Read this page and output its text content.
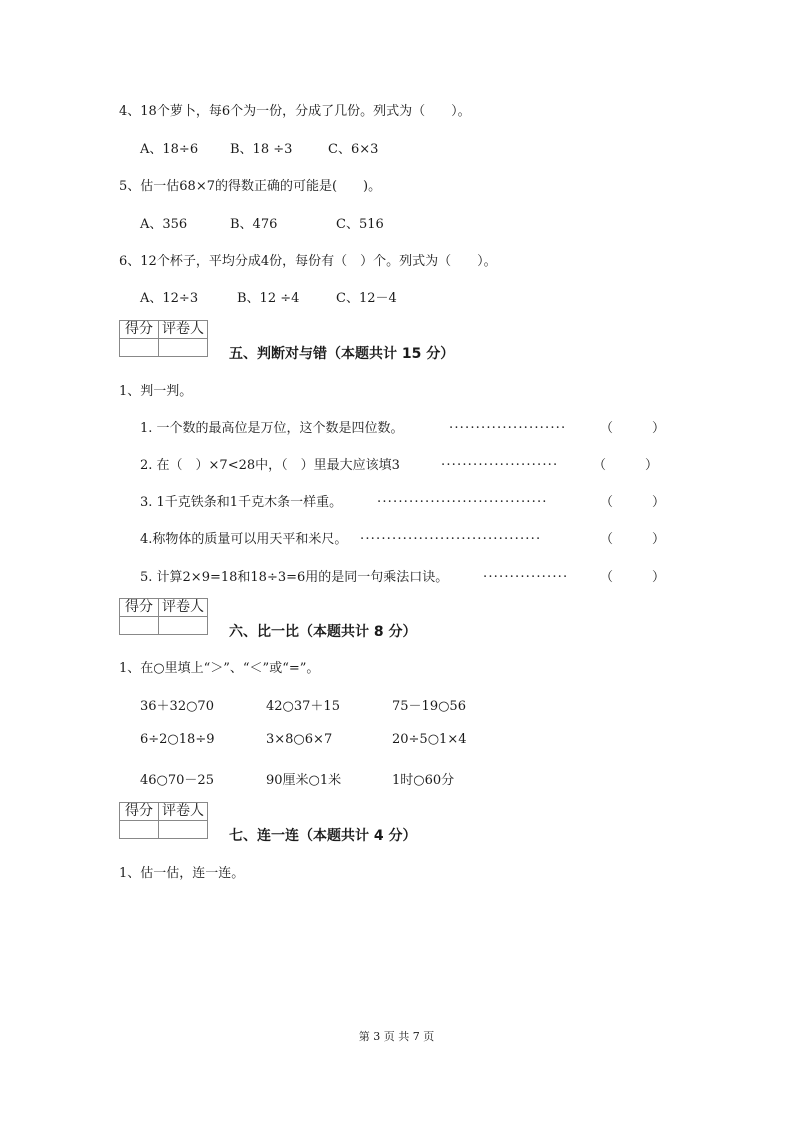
4、18个萝卜，每6个为一份，分成了几份。列式为（　　）。
A、18÷6 B、18 ÷3	C、6×3
5、估一估68×7的得数正确的可能是(　　)。
A、356	B、476	C、516
6、12个杯子，平均分成4份，每份有（　）个。列式为（　　）。
A、12÷3	B、12 ÷4	C、12－4
得分	评卷人

五、判断对与错（本题共计 15 分）
1、判一判。
1. 一个数的最高位是万位，这个数是四位数。	......................	（　　　）
2. 在（　）×7<28中，（　）里最大应该填3	......................	（　　　）
3. 1千克铁条和1千克木条一样重。	................................	（　　　）
4.称物体的质量可以用天平和米尺。 ..................................	（　　　）
5. 计算2×9=18和18÷3=6用的是同一句乘法口诀。	................ （　　　）
得分	评卷人

六、比一比（本题共计 8 分）
1、在○里填上“＞”、“＜”或“=”。
36＋32○70	42○37＋15	75－19○56
6÷2○18÷9	3×8○6×7	20÷5○1×4
46○70－25	90厘米○1米	1时○60分
得分	评卷人

七、连一连（本题共计 4 分）
1、估一估，连一连。
第 3 页 共 7 页
